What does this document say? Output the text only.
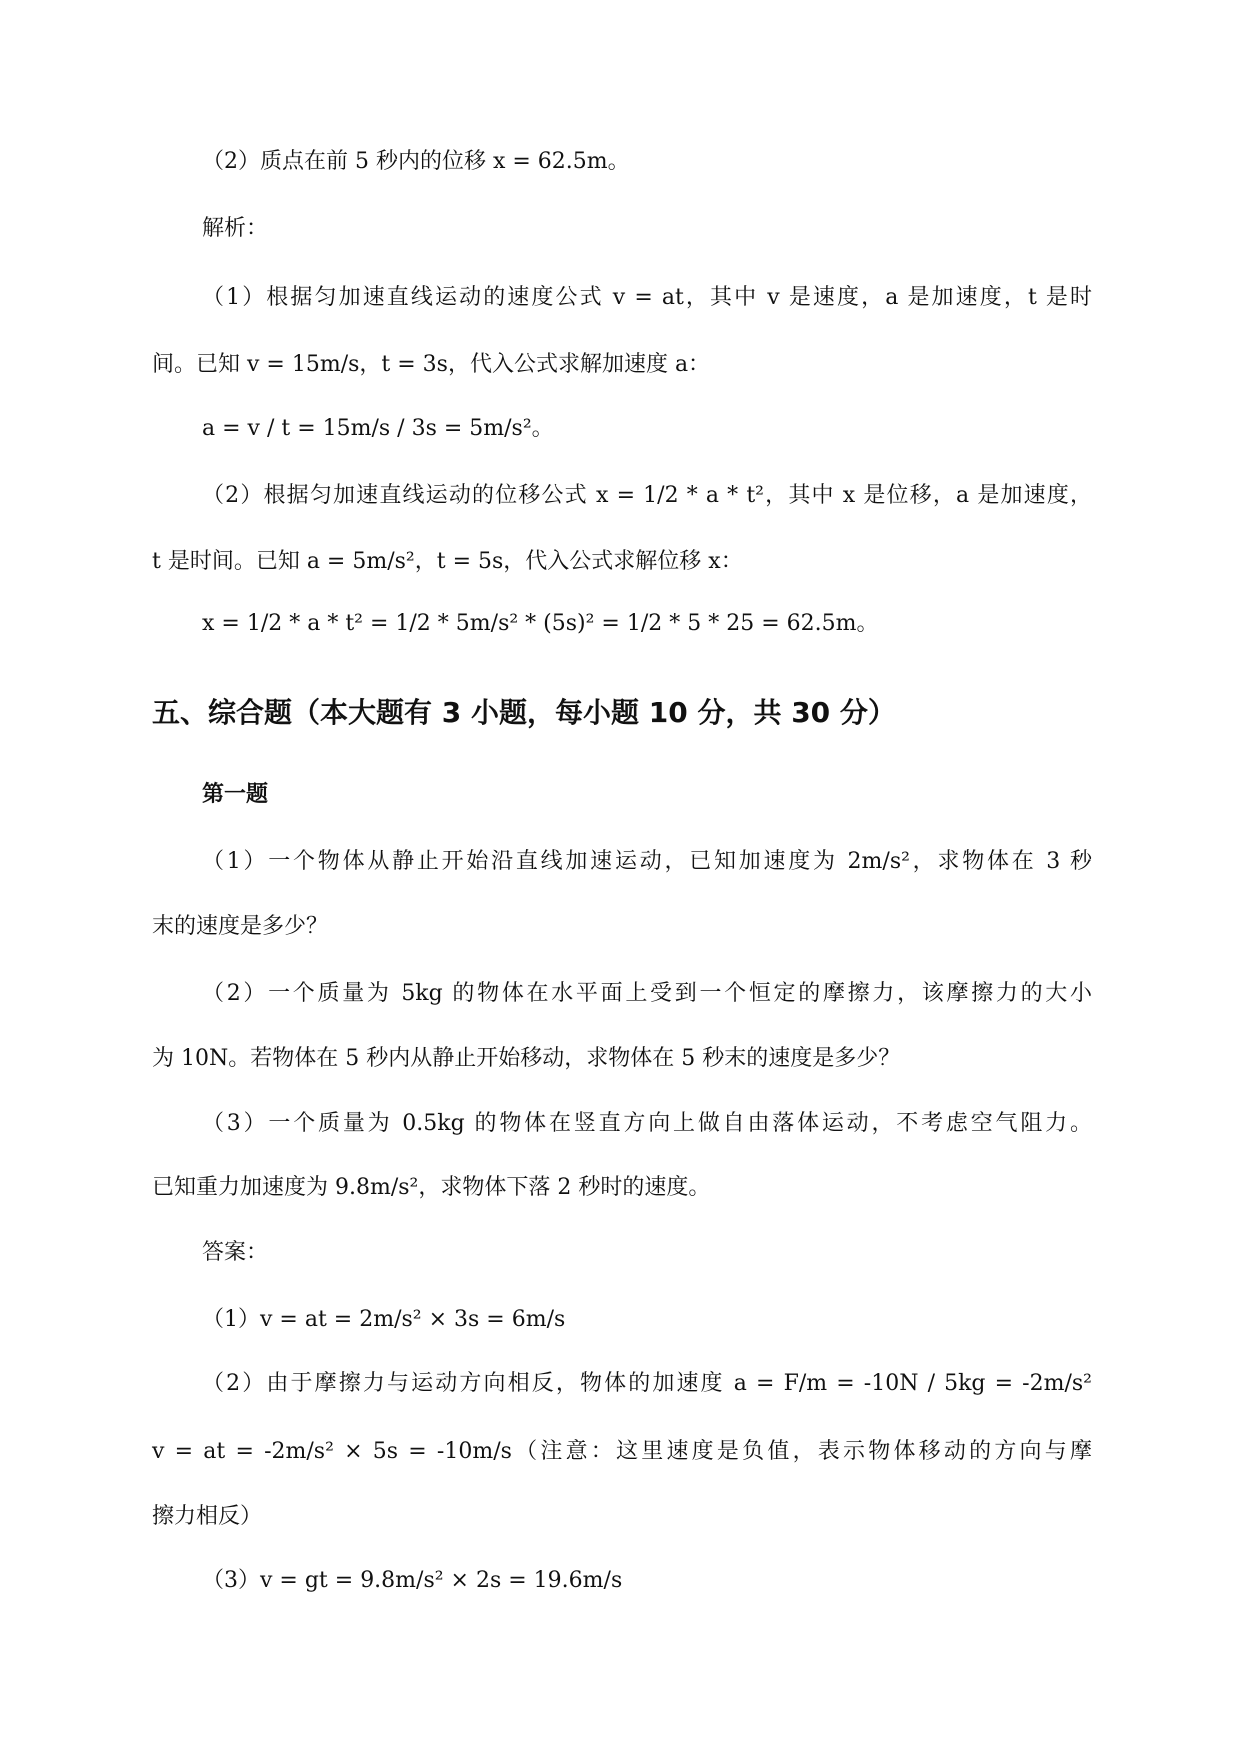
（2）质点在前 5 秒内的位移 x = 62.5m。
解析：
（1）根据匀加速直线运动的速度公式 v = at，其中 v 是速度，a 是加速度，t 是时
间。已知 v = 15m/s，t = 3s，代入公式求解加速度 a：
a = v / t = 15m/s / 3s = 5m/s²。
（2）根据匀加速直线运动的位移公式 x = 1/2 * a * t²，其中 x 是位移，a 是加速度，
t 是时间。已知 a = 5m/s²，t = 5s，代入公式求解位移 x：
x = 1/2 * a * t² = 1/2 * 5m/s² * (5s)² = 1/2 * 5 * 25 = 62.5m。
五、综合题（本大题有 3 小题，每小题 10 分，共 30 分）
第一题
（1）一个物体从静止开始沿直线加速运动，已知加速度为 2m/s²，求物体在 3 秒
末的速度是多少？
（2）一个质量为 5kg 的物体在水平面上受到一个恒定的摩擦力，该摩擦力的大小
为 10N。若物体在 5 秒内从静止开始移动，求物体在 5 秒末的速度是多少？
（3）一个质量为 0.5kg 的物体在竖直方向上做自由落体运动，不考虑空气阻力。
已知重力加速度为 9.8m/s²，求物体下落 2 秒时的速度。
答案：
（1）v = at = 2m/s² × 3s = 6m/s
（2）由于摩擦力与运动方向相反，物体的加速度 a = F/m = -10N / 5kg = -2m/s²
v = at = -2m/s² × 5s = -10m/s（注意：这里速度是负值，表示物体移动的方向与摩
擦力相反）
（3）v = gt = 9.8m/s² × 2s = 19.6m/s
